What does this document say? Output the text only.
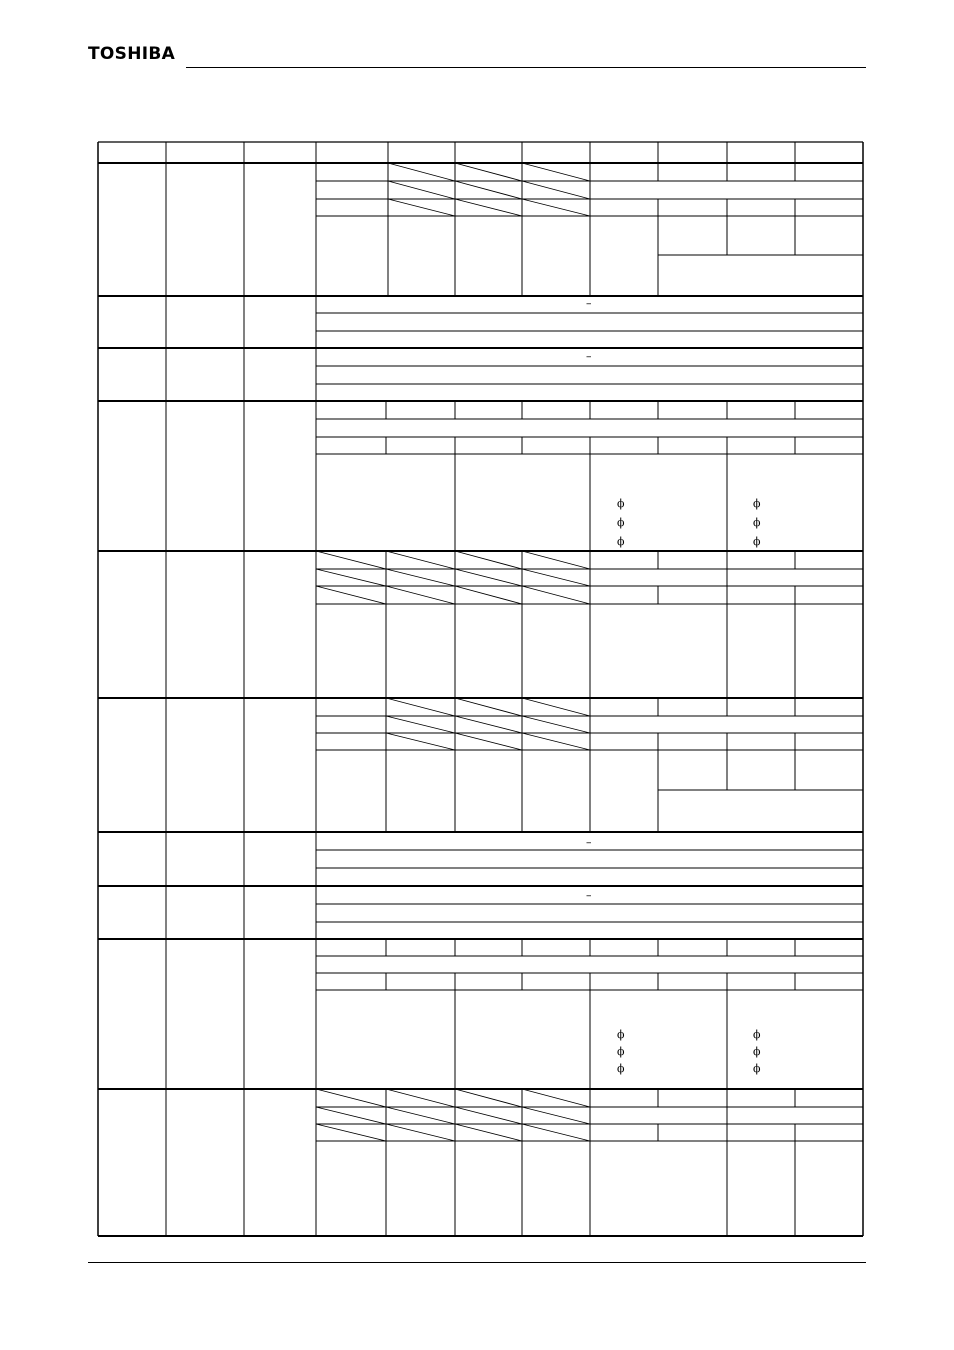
TOSHIBA
–
–
–
–
ϕ
ϕ
ϕ
ϕ
ϕ
ϕ
ϕ
ϕ
ϕ
ϕ
ϕ
ϕ
